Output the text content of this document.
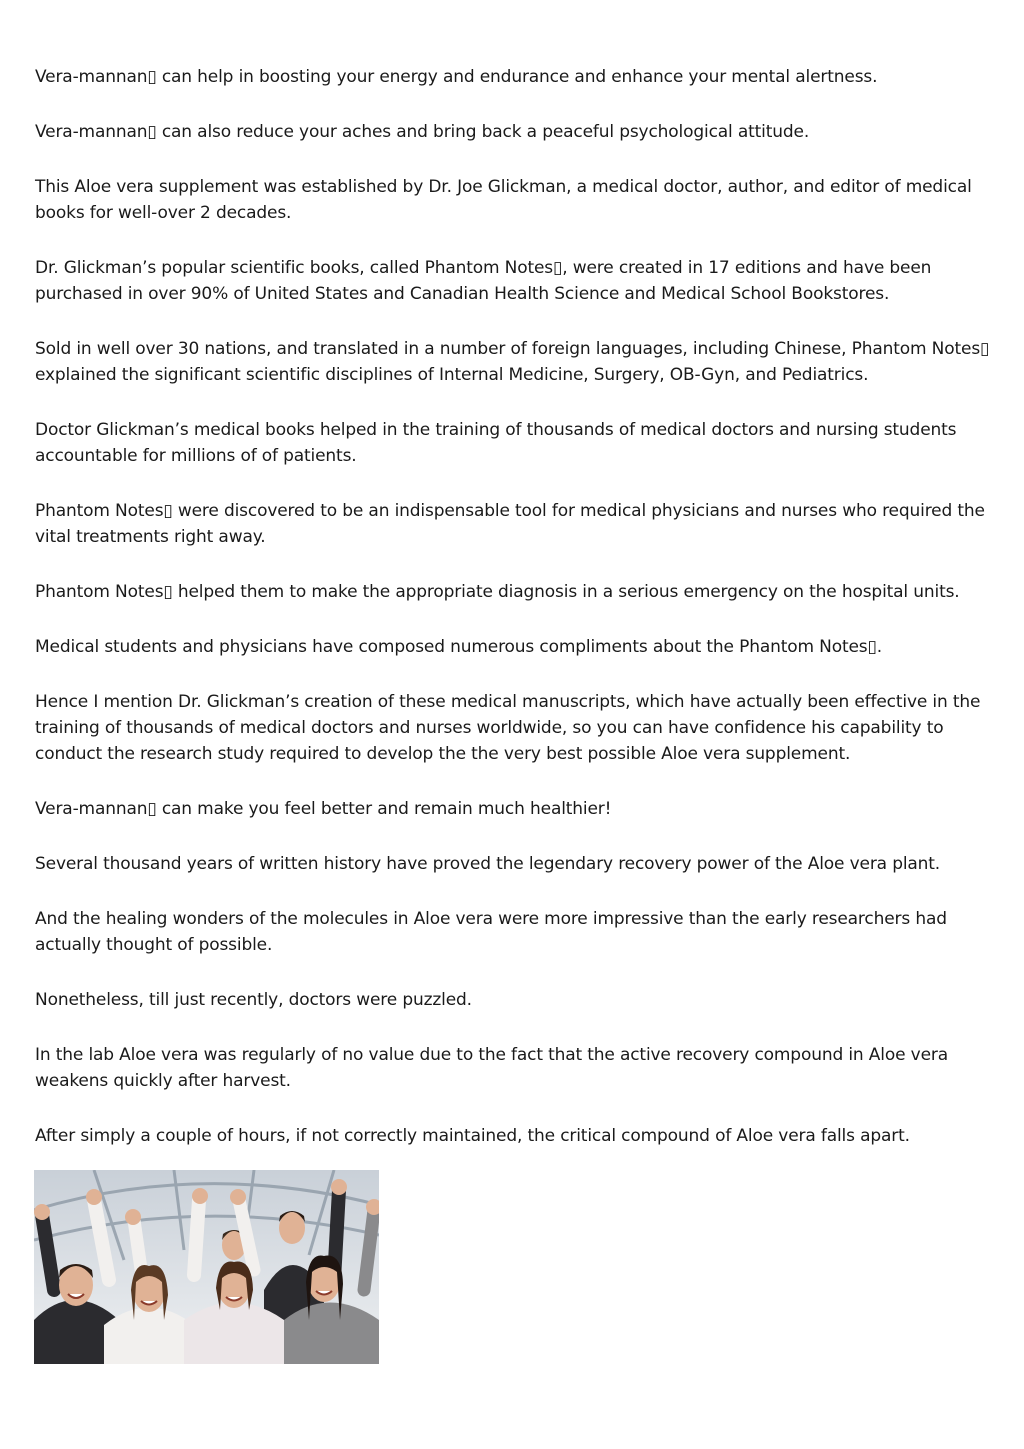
Vera-mannan▯ can help in boosting your energy and endurance and enhance your mental alertness.

Vera-mannan▯ can also reduce your aches and bring back a peaceful psychological attitude.

This Aloe vera supplement was established by Dr. Joe Glickman, a medical doctor, author, and editor of medical books for well-over 2 decades.

Dr. Glickman’s popular scientific books, called Phantom Notes▯, were created in 17 editions and have been purchased in over 90% of United States and Canadian Health Science and Medical School Bookstores.

Sold in well over 30 nations, and translated in a number of foreign languages, including Chinese, Phantom Notes▯ explained the significant scientific disciplines of Internal Medicine, Surgery, OB-Gyn, and Pediatrics.

Doctor Glickman’s medical books helped in the training of thousands of medical doctors and nursing students accountable for millions of of patients.

Phantom Notes▯ were discovered to be an indispensable tool for medical physicians and nurses who required the vital treatments right away.

Phantom Notes▯ helped them to make the appropriate diagnosis in a serious emergency on the hospital units.

Medical students and physicians have composed numerous compliments about the Phantom Notes▯.

Hence I mention Dr. Glickman’s creation of these medical manuscripts, which have actually been effective in the training of thousands of medical doctors and nurses worldwide, so you can have confidence his capability to conduct the research study required to develop the the very best possible Aloe vera supplement.

Vera-mannan▯ can make you feel better and remain much healthier!

Several thousand years of written history have proved the legendary recovery power of the Aloe vera plant.

And the healing wonders of the molecules in Aloe vera were more impressive than the early researchers had actually thought of possible.

Nonetheless, till just recently, doctors were puzzled.

In the lab Aloe vera was regularly of no value due to the fact that the active recovery compound in Aloe vera weakens quickly after harvest.

After simply a couple of hours, if not correctly maintained, the critical compound of Aloe vera falls apart.
